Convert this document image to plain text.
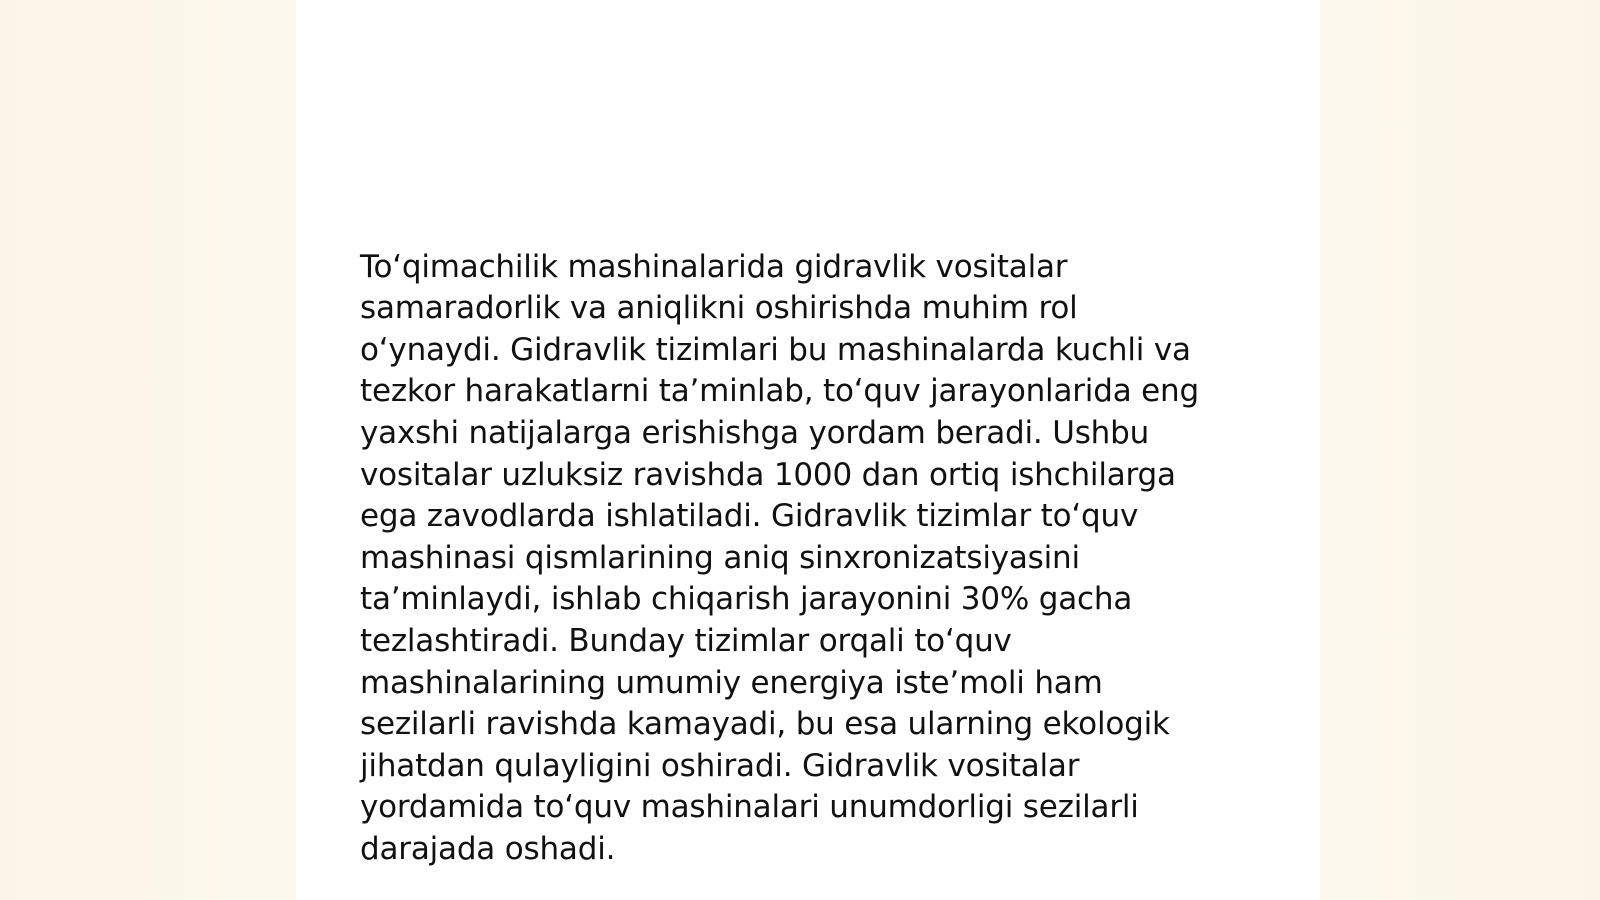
To‘qimachilik mashinalarida gidravlik vositalar
samaradorlik va aniqlikni oshirishda muhim rol
o‘ynaydi. Gidravlik tizimlari bu mashinalarda kuchli va
tezkor harakatlarni ta’minlab, to‘quv jarayonlarida eng
yaxshi natijalarga erishishga yordam beradi. Ushbu
vositalar uzluksiz ravishda 1000 dan ortiq ishchilarga
ega zavodlarda ishlatiladi. Gidravlik tizimlar to‘quv
mashinasi qismlarining aniq sinxronizatsiyasini
ta’minlaydi, ishlab chiqarish jarayonini 30% gacha
tezlashtiradi. Bunday tizimlar orqali to‘quv
mashinalarining umumiy energiya iste’moli ham
sezilarli ravishda kamayadi, bu esa ularning ekologik
jihatdan qulayligini oshiradi. Gidravlik vositalar
yordamida to‘quv mashinalari unumdorligi sezilarli
darajada oshadi.
